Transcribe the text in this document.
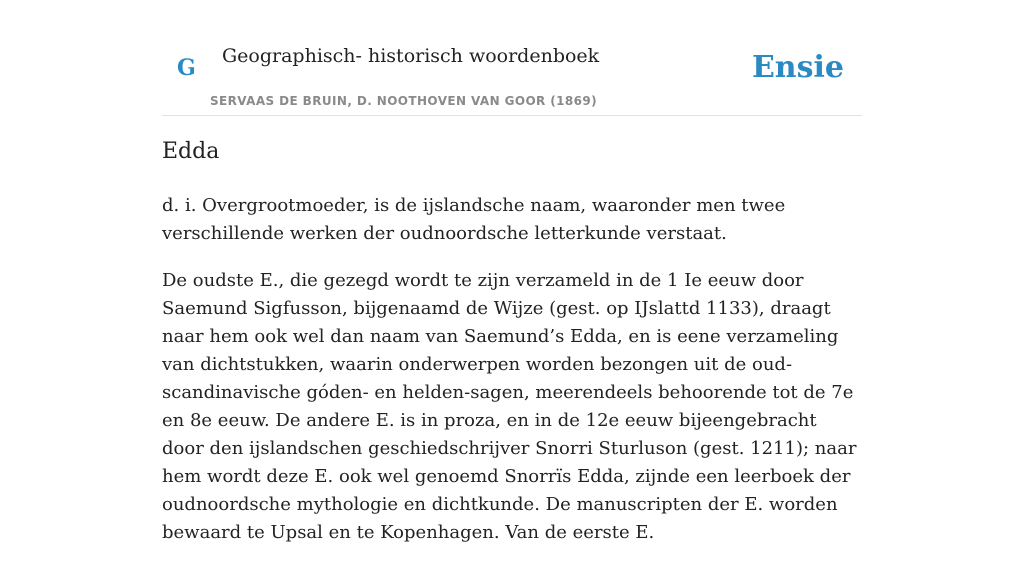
G Geographisch- historisch woordenboek
SERVAAS DE BRUIN, D. NOOTHOVEN VAN GOOR (1869)
Ensie
Edda

d. i. Overgrootmoeder, is de ijslandsche naam, waaronder men twee verschillende werken der oudnoordsche letterkunde verstaat.

De oudste E., die gezegd wordt te zijn verzameld in de 1 Ie eeuw door Saemund Sigfusson, bijgenaamd de Wijze (gest. op IJslattd 1133), draagt naar hem ook wel dan naam van Saemund’s Edda, en is eene verzameling van dichtstukken, waarin onderwerpen worden bezongen uit de oud-scandinavische góden- en helden-sagen, meerendeels behoorende tot de 7e en 8e eeuw. De andere E. is in proza, en in de 12e eeuw bijeengebracht door den ijslandschen geschiedschrijver Snorri Sturluson (gest. 1211); naar hem wordt deze E. ook wel genoemd Snorrïs Edda, zijnde een leerboek der oudnoordsche mythologie en dichtkunde. De manuscripten der E. worden bewaard te Upsal en te Kopenhagen. Van de eerste E.
